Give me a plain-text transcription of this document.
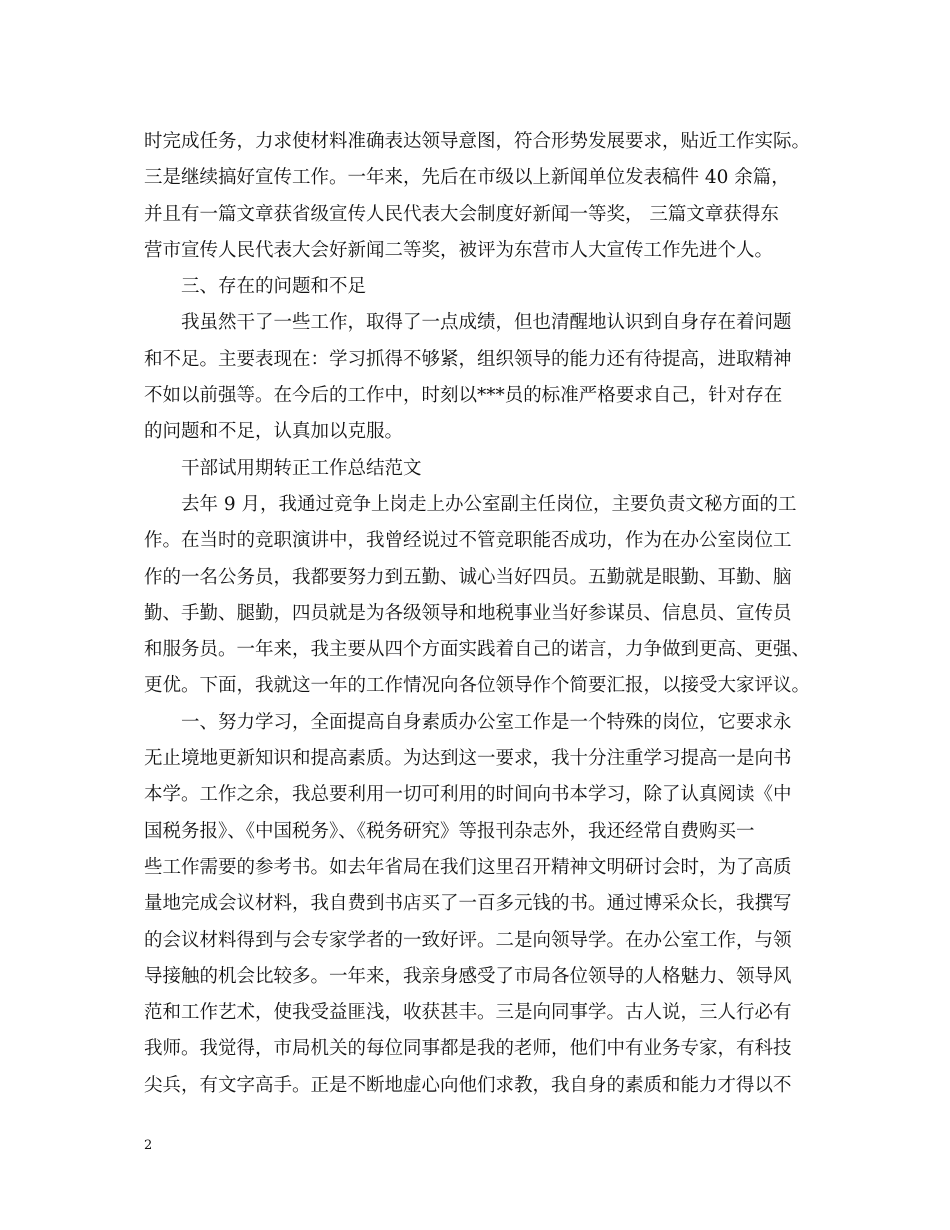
时完成任务，力求使材料准确表达领导意图，符合形势发展要求，贴近工作实际。
三是继续搞好宣传工作。一年来，先后在市级以上新闻单位发表稿件 40 余篇，
并且有一篇文章获省级宣传人民代表大会制度好新闻一等奖， 三篇文章获得东
营市宣传人民代表大会好新闻二等奖，被评为东营市人大宣传工作先进个人。
三、存在的问题和不足
我虽然干了一些工作，取得了一点成绩，但也清醒地认识到自身存在着问题
和不足。主要表现在：学习抓得不够紧，组织领导的能力还有待提高，进取精神
不如以前强等。在今后的工作中，时刻以***员的标准严格要求自己，针对存在
的问题和不足，认真加以克服。
干部试用期转正工作总结范文
去年 9 月，我通过竞争上岗走上办公室副主任岗位，主要负责文秘方面的工
作。在当时的竞职演讲中，我曾经说过不管竞职能否成功，作为在办公室岗位工
作的一名公务员，我都要努力到五勤、诚心当好四员。五勤就是眼勤、耳勤、脑
勤、手勤、腿勤，四员就是为各级领导和地税事业当好参谋员、信息员、宣传员
和服务员。一年来，我主要从四个方面实践着自己的诺言，力争做到更高、更强、
更优。下面，我就这一年的工作情况向各位领导作个简要汇报，以接受大家评议。
一、努力学习，全面提高自身素质办公室工作是一个特殊的岗位，它要求永
无止境地更新知识和提高素质。为达到这一要求，我十分注重学习提高一是向书
本学。工作之余，我总要利用一切可利用的时间向书本学习，除了认真阅读《中
国税务报》、《中国税务》、《税务研究》等报刊杂志外，我还经常自费购买一
些工作需要的参考书。如去年省局在我们这里召开精神文明研讨会时，为了高质
量地完成会议材料，我自费到书店买了一百多元钱的书。通过博采众长，我撰写
的会议材料得到与会专家学者的一致好评。二是向领导学。在办公室工作，与领
导接触的机会比较多。一年来，我亲身感受了市局各位领导的人格魅力、领导风
范和工作艺术，使我受益匪浅，收获甚丰。三是向同事学。古人说，三人行必有
我师。我觉得，市局机关的每位同事都是我的老师，他们中有业务专家，有科技
尖兵，有文字高手。正是不断地虚心向他们求教，我自身的素质和能力才得以不
2
